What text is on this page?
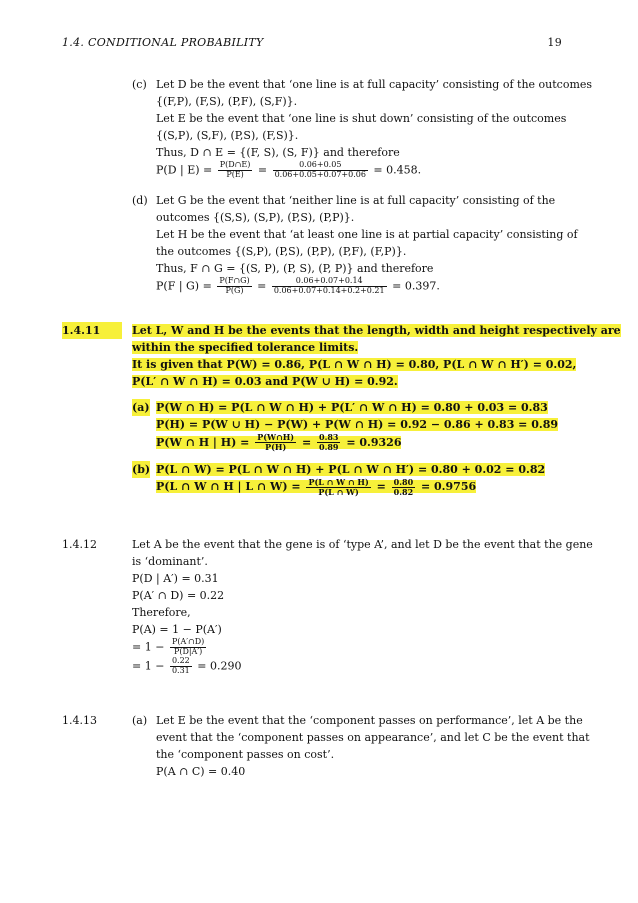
1.4. CONDITIONAL PROBABILITY	19
(c) Let D be the event that ‘one line is at full capacity’ consisting of the outcomes
{(F,P), (F,S), (P,F), (S,F)}.
Let E be the event that ‘one line is shut down’ consisting of the outcomes
{(S,P), (S,F), (P,S), (F,S)}.
Thus, D ∩ E = {(F, S), (S, F)} and therefore
P(D | $E) = \frac{P(D\cap E)}{P(E)} = \frac{0.06+0.05}{0.06+0.05+0.07+0.06} = 0.458$.
(d) Let G be the event that ‘neither line is at full capacity’ consisting of the
outcomes {(S,S), (S,P), (P,S), (P,P)}.
Let H be the event that ‘at least one line is at partial capacity’ consisting of
the outcomes {(S,P), (P,S), (P,P), (P,F), (F,P)}.
Thus, F ∩ G = {(S, P), (P, S), (P, P)} and therefore
P(F | $G) = \frac{P(F\cap G)}{P(G)} = \frac{0.06+0.07+0.14}{0.06+0.07+0.14+0.2+0.21} = 0.397$.
1.4.11	Let L, W and H be the events that the length, width and height respectively are
within the specified tolerance limits.
It is given that P(W) = 0.86, P(L ∩ W ∩ H) = 0.80, P(L ∩ W ∩ H′) = 0.02,
P(L′ ∩ W ∩ H) = 0.03 and P(W ∪ H) = 0.92.
(a) P(W ∩ H) = P(L ∩ W ∩ H) + P(L′ ∩ W ∩ H) = 0.80 + 0.03 = 0.83
P(H) = P(W ∪ H) − P(W) + P(W ∩ H) = 0.92 − 0.86 + 0.83 = 0.89
P(W ∩ H | $H) = \frac{P(W\cap H)}{P(H)} = \frac{0.83}{0.89} = 0.9326$
(b) P(L ∩ W) = P(L ∩ W ∩ H) + P(L ∩ W ∩ H′) = 0.80 + 0.02 = 0.82
P(L ∩ W ∩ H | L ∩ $W) = \frac{P(L \cap W \cap H)}{P(L \cap W)} = \frac{0.80}{0.82} = 0.9756$
1.4.12	Let A be the event that the gene is of ‘type A’, and let D be the event that the gene
is ‘dominant’.
P(D | A′) = 0.31
P(A′ ∩ D) = 0.22
Therefore,
P(A) = 1 − P(A′)
= $1 - \frac{P(A'\cap D)}{P(D|A')}$
= $1 - \frac{0.22}{0.31} = 0.290$
1.4.13	(a) Let E be the event that the ‘component passes on performance’, let A be the
event that the ‘component passes on appearance’, and let C be the event that
the ‘component passes on cost’.
P(A ∩ C) = 0.40
